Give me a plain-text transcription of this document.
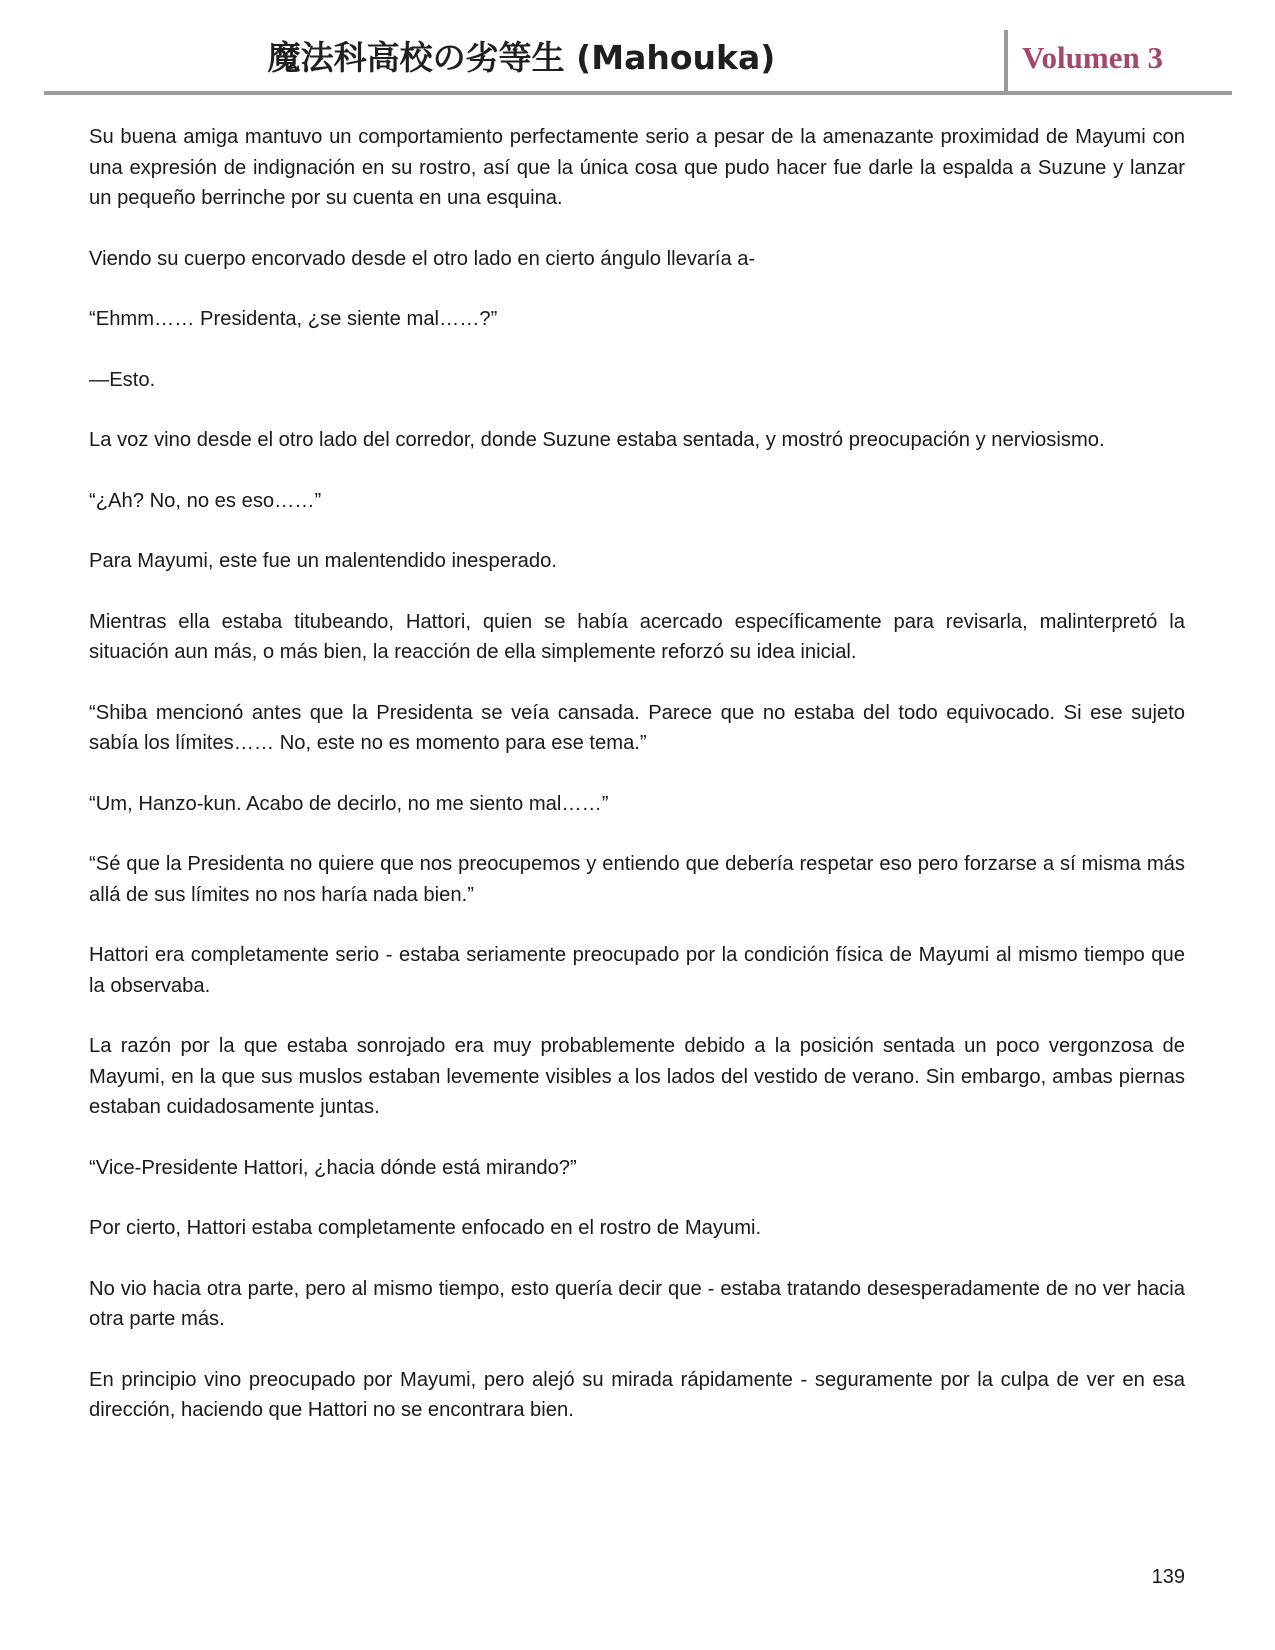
魔法科高校の劣等生 (Mahouka)	Volumen 3

Su buena amiga mantuvo un comportamiento perfectamente serio a pesar de la amenazante proximidad de Mayumi con una expresión de indignación en su rostro, así que la única cosa que pudo hacer fue darle la espalda a Suzune y lanzar un pequeño berrinche por su cuenta en una esquina.

Viendo su cuerpo encorvado desde el otro lado en cierto ángulo llevaría a-

“Ehmm…… Presidenta, ¿se siente mal……?”

—Esto.

La voz vino desde el otro lado del corredor, donde Suzune estaba sentada, y mostró preocupación y nerviosismo.

“¿Ah? No, no es eso……”

Para Mayumi, este fue un malentendido inesperado.

Mientras ella estaba titubeando, Hattori, quien se había acercado específicamente para revisarla, malinterpretó la situación aun más, o más bien, la reacción de ella simplemente reforzó su idea inicial.

“Shiba mencionó antes que la Presidenta se veía cansada. Parece que no estaba del todo equivocado. Si ese sujeto sabía los límites…… No, este no es momento para ese tema.”

“Um, Hanzo-kun. Acabo de decirlo, no me siento mal……”

“Sé que la Presidenta no quiere que nos preocupemos y entiendo que debería respetar eso pero forzarse a sí misma más allá de sus límites no nos haría nada bien.”

Hattori era completamente serio - estaba seriamente preocupado por la condición física de Mayumi al mismo tiempo que la observaba.

La razón por la que estaba sonrojado era muy probablemente debido a la posición sentada un poco vergonzosa de Mayumi, en la que sus muslos estaban levemente visibles a los lados del vestido de verano. Sin embargo, ambas piernas estaban cuidadosamente juntas.

“Vice-Presidente Hattori, ¿hacia dónde está mirando?”

Por cierto, Hattori estaba completamente enfocado en el rostro de Mayumi.

No vio hacia otra parte, pero al mismo tiempo, esto quería decir que - estaba tratando desesperadamente de no ver hacia otra parte más.

En principio vino preocupado por Mayumi, pero alejó su mirada rápidamente - seguramente por la culpa de ver en esa dirección, haciendo que Hattori no se encontrara bien.

139
